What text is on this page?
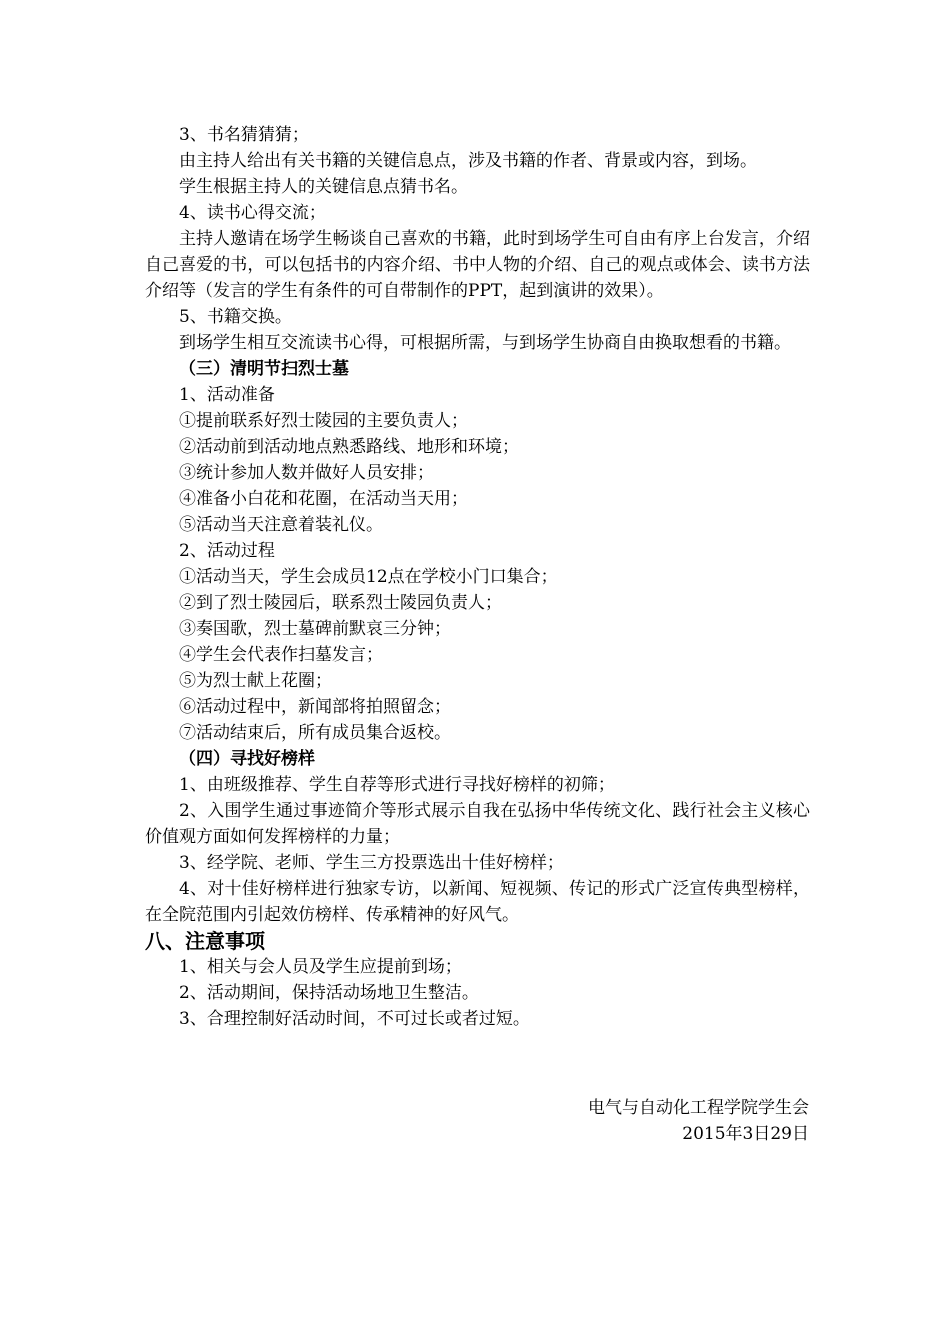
3、书名猜猜猜；

由主持人给出有关书籍的关键信息点，涉及书籍的作者、背景或内容，到场。

学生根据主持人的关键信息点猜书名。

4、读书心得交流；

主持人邀请在场学生畅谈自己喜欢的书籍，此时到场学生可自由有序上台发言，介绍自己喜爱的书，可以包括书的内容介绍、书中人物的介绍、自己的观点或体会、读书方法介绍等（发言的学生有条件的可自带制作的PPT，起到演讲的效果）。

5、书籍交换。

到场学生相互交流读书心得，可根据所需，与到场学生协商自由换取想看的书籍。

（三）清明节扫烈士墓

1、活动准备

①提前联系好烈士陵园的主要负责人；

②活动前到活动地点熟悉路线、地形和环境；

③统计参加人数并做好人员安排；

④准备小白花和花圈，在活动当天用；

⑤活动当天注意着装礼仪。

2、活动过程

①活动当天，学生会成员12点在学校小门口集合；

②到了烈士陵园后，联系烈士陵园负责人；

③奏国歌，烈士墓碑前默哀三分钟；

④学生会代表作扫墓发言；

⑤为烈士献上花圈；

⑥活动过程中，新闻部将拍照留念；

⑦活动结束后，所有成员集合返校。

（四）寻找好榜样

1、由班级推荐、学生自荐等形式进行寻找好榜样的初筛；

2、入围学生通过事迹简介等形式展示自我在弘扬中华传统文化、践行社会主义核心价值观方面如何发挥榜样的力量；

3、经学院、老师、学生三方投票选出十佳好榜样；

4、对十佳好榜样进行独家专访，以新闻、短视频、传记的形式广泛宣传典型榜样，在全院范围内引起效仿榜样、传承精神的好风气。

八、注意事项

1、相关与会人员及学生应提前到场；

2、活动期间，保持活动场地卫生整洁。

3、合理控制好活动时间，不可过长或者过短。

电气与自动化工程学院学生会
2015年3日29日
